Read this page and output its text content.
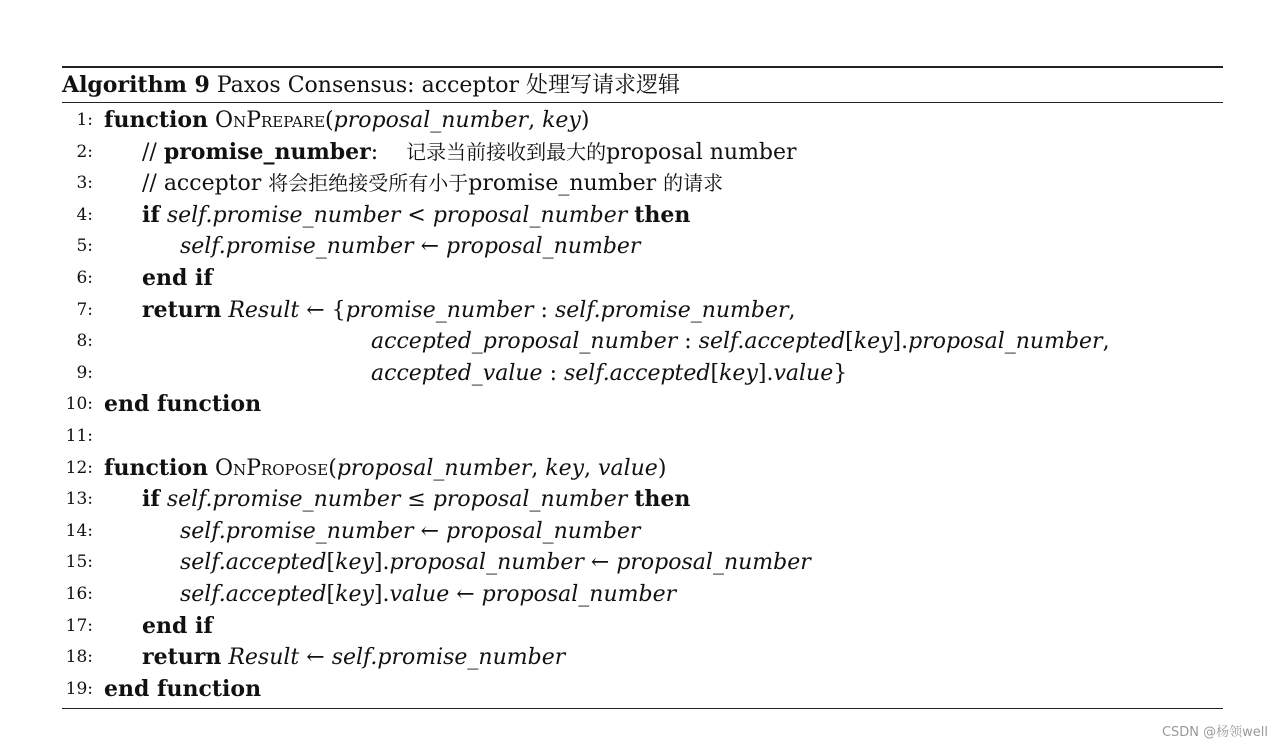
Algorithm 9 Paxos Consensus: acceptor 处理写请求逻辑
1: function OnPrepare(proposal_number, key)
2: // promise_number:    记录当前接收到最大的proposal number
3: // acceptor 将会拒绝接受所有小于promise_number 的请求
4: if self.promise_number < proposal_number then
5:	self.promise_number ← proposal_number
6: end if
7: return Result ← {promise_number : self.promise_number,
8:	accepted_proposal_number : self.accepted[key].proposal_number,
9:	accepted_value : self.accepted[key].value}
10: end function
11:
12: function OnPropose(proposal_number, key, value)
13: if self.promise_number ≤ proposal_number then
14:	self.promise_number ← proposal_number
15:	self.accepted[key].proposal_number ← proposal_number
16:	self.accepted[key].value ← proposal_number
17: end if
18: return Result ← self.promise_number
19: end function
CSDN @杨领well
